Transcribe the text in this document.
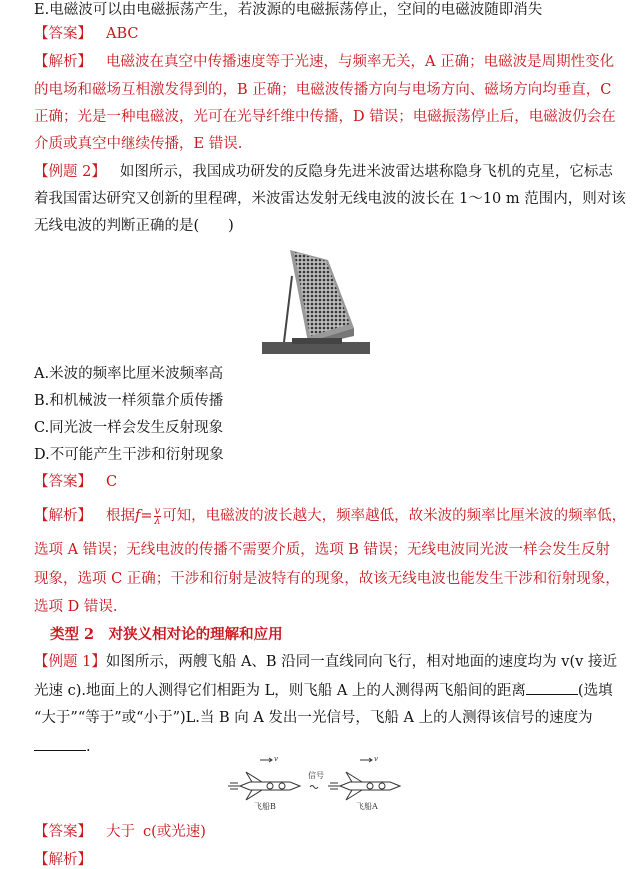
E.电磁波可以由电磁振荡产生，若波源的电磁振荡停止，空间的电磁波随即消失
【答案】 ABC
【解析】 电磁波在真空中传播速度等于光速，与频率无关，A 正确；电磁波是周期性变化
的电场和磁场互相激发得到的，B 正确；电磁波传播方向与电场方向、磁场方向均垂直，C
正确；光是一种电磁波，光可在光导纤维中传播，D 错误；电磁振荡停止后，电磁波仍会在
介质或真空中继续传播，E 错误.
【例题 2】 如图所示，我国成功研发的反隐身先进米波雷达堪称隐身飞机的克星，它标志
着我国雷达研究又创新的里程碑，米波雷达发射无线电波的波长在 1～10 m 范围内，则对该
无线电波的判断正确的是(　　)
A.米波的频率比厘米波频率高
B.和机械波一样须靠介质传播
C.同光波一样会发生反射现象
D.不可能产生干涉和衍射现象
【答案】 C
【解析】 根据$f= \frac{v}{\lambda}$ 可知，电磁波的波长越大，频率越低，故米波的频率比厘米波的频率低，
选项 A 错误；无线电波的传播不需要介质，选项 B 错误；无线电波同光波一样会发生反射
现象，选项 C 正确；干涉和衍射是波特有的现象，故该无线电波也能发生干涉和衍射现象，
选项 D 错误.
类型 2　对狭义相对论的理解和应用
【例题 1】如图所示，两艘飞船 A、B 沿同一直线同向飞行，相对地面的速度均为 v(v 接近
光速 c).地面上的人测得它们相距为 L，则飞船 A 上的人测得两飞船间的距离	(选填
“大于”“等于”或“小于”)L.当 B 向 A 发出一光信号，飞船 A 上的人测得该信号的速度为
.
v	v
信号
飞船B	飞船A
【答案】 大于 c(或光速)
【解析】
